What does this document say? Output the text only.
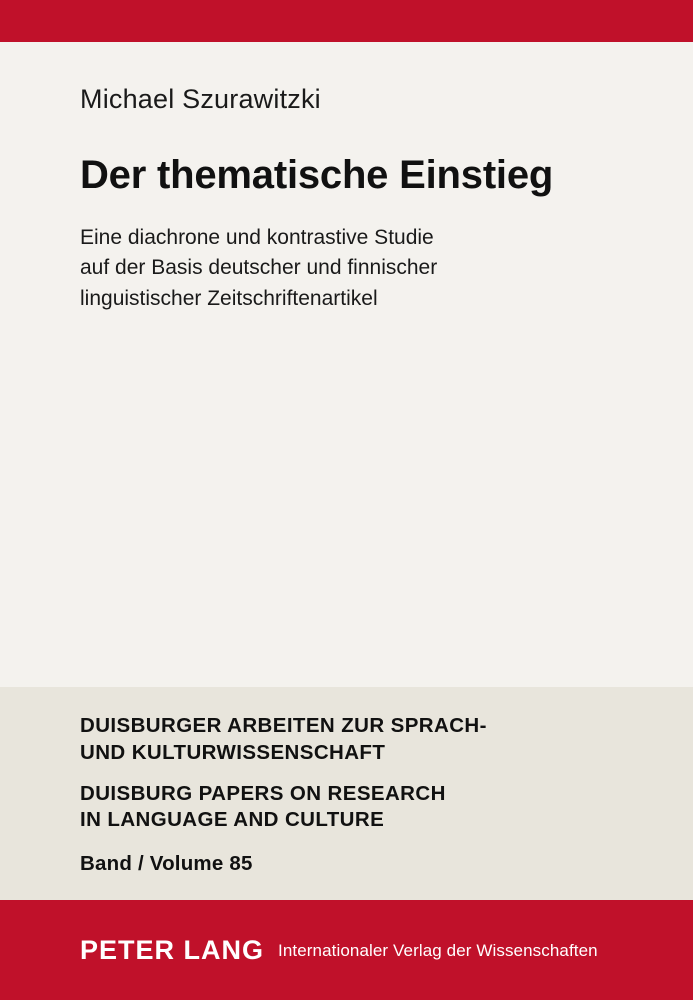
Michael Szurawitzki
Der thematische Einstieg
Eine diachrone und kontrastive Studie
auf der Basis deutscher und finnischer
linguistischer Zeitschriftenartikel
DUISBURGER ARBEITEN ZUR SPRACH-
UND KULTURWISSENSCHAFT
DUISBURG PAPERS ON RESEARCH
IN LANGUAGE AND CULTURE
Band / Volume 85
PETER LANG Internationaler Verlag der Wissenschaften
